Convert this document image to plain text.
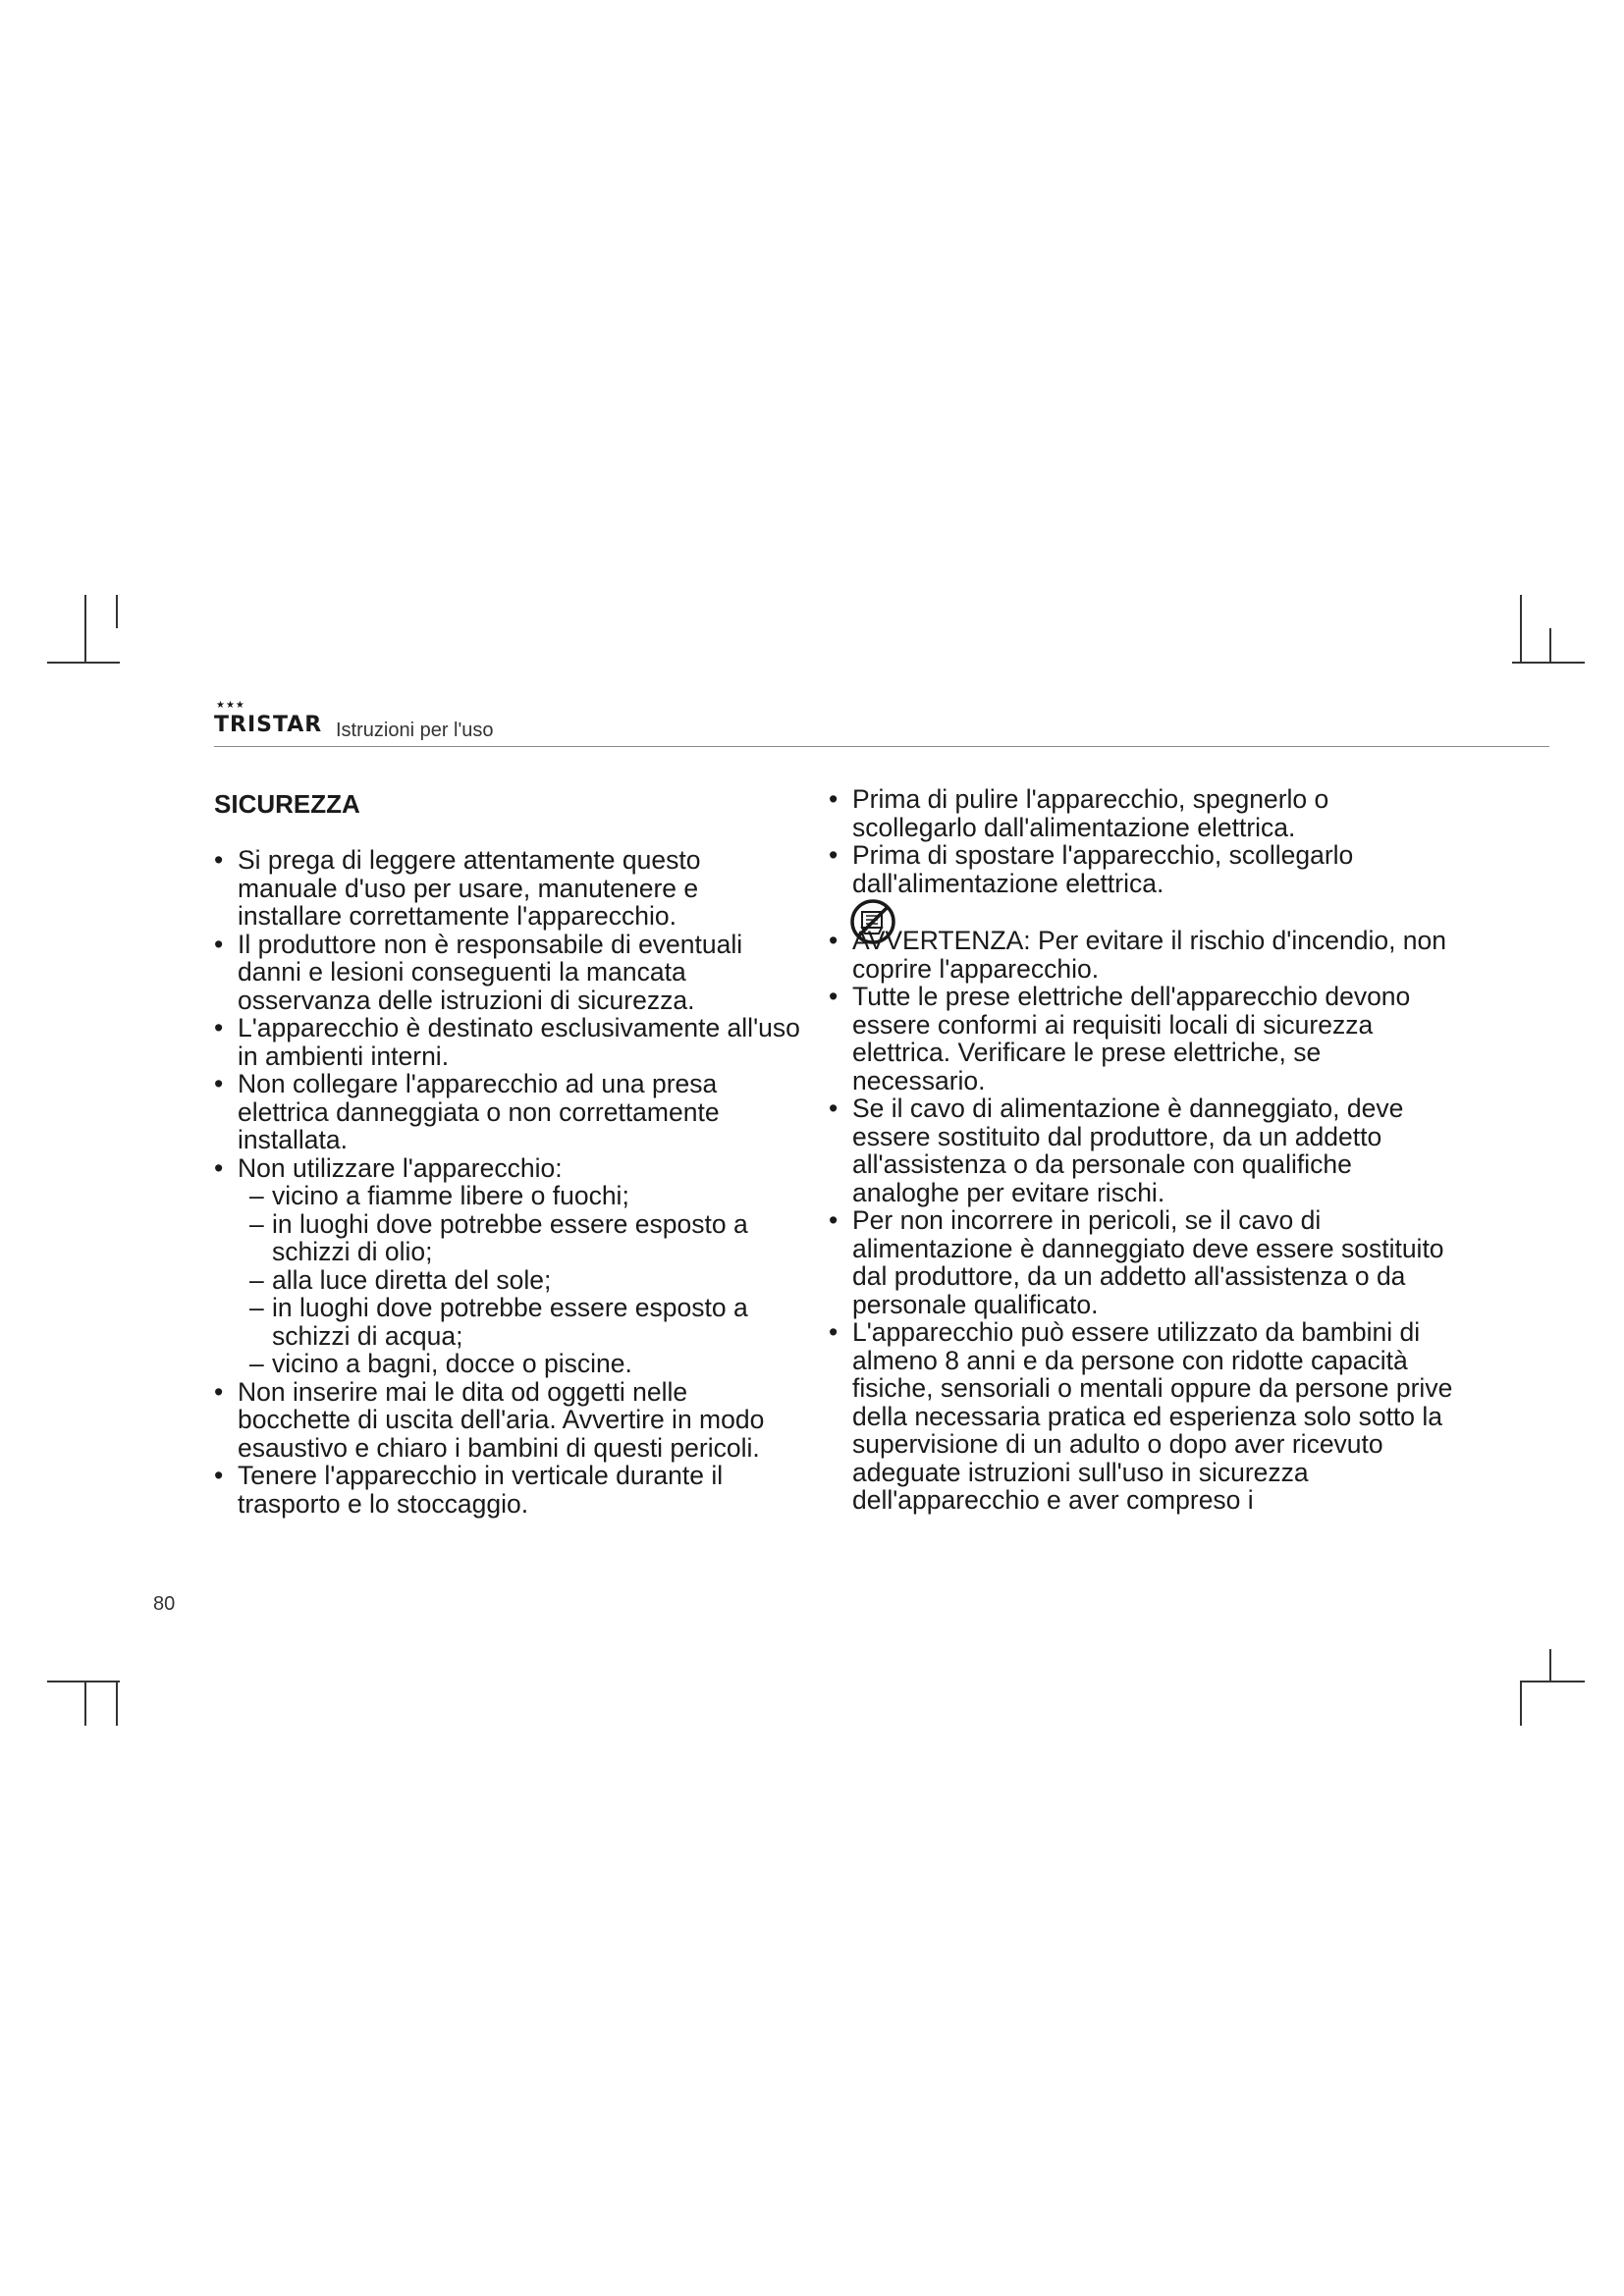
★★★
TRISTAR Istruzioni per l'uso
SICUREZZA
• Si prega di leggere attentamente questo manuale d'uso per usare, manutenere e installare correttamente l'apparecchio.
• Il produttore non è responsabile di eventuali danni e lesioni conseguenti la mancata osservanza delle istruzioni di sicurezza.
• L'apparecchio è destinato esclusivamente all'uso in ambienti interni.
• Non collegare l'apparecchio ad una presa elettrica danneggiata o non correttamente installata.
• Non utilizzare l'apparecchio:
– vicino a fiamme libere o fuochi;
– in luoghi dove potrebbe essere esposto a schizzi di olio;
– alla luce diretta del sole;
– in luoghi dove potrebbe essere esposto a schizzi di acqua;
– vicino a bagni, docce o piscine.
• Non inserire mai le dita od oggetti nelle bocchette di uscita dell'aria. Avvertire in modo esaustivo e chiaro i bambini di questi pericoli.
• Tenere l'apparecchio in verticale durante il trasporto e lo stoccaggio.
• Prima di pulire l'apparecchio, spegnerlo o scollegarlo dall'alimentazione elettrica.
• Prima di spostare l'apparecchio, scollegarlo dall'alimentazione elettrica.
• AVVERTENZA: Per evitare il rischio d'incendio, non coprire l'apparecchio.
• Tutte le prese elettriche dell'apparecchio devono essere conformi ai requisiti locali di sicurezza elettrica. Verificare le prese elettriche, se necessario.
• Se il cavo di alimentazione è danneggiato, deve essere sostituito dal produttore, da un addetto all'assistenza o da personale con qualifiche analoghe per evitare rischi.
• Per non incorrere in pericoli, se il cavo di alimentazione è danneggiato deve essere sostituito dal produttore, da un addetto all'assistenza o da personale qualificato.
• L'apparecchio può essere utilizzato da bambini di almeno 8 anni e da persone con ridotte capacità fisiche, sensoriali o mentali oppure da persone prive della necessaria pratica ed esperienza solo sotto la supervisione di un adulto o dopo aver ricevuto adeguate istruzioni sull'uso in sicurezza dell'apparecchio e aver compreso i
80
